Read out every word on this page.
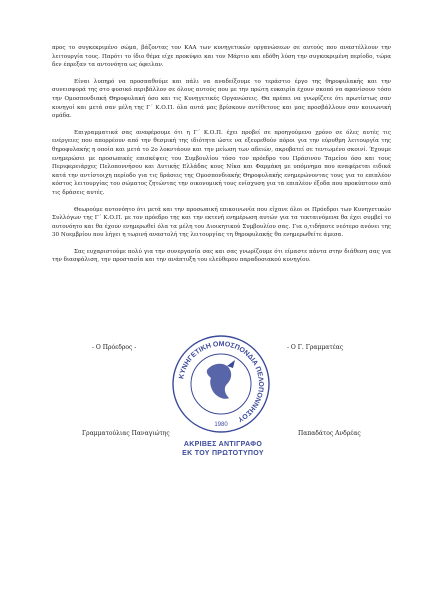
προς το συγκεκριμένο σώμα, βάζοντας τον ΚΑΑ των κυνηγετικών οργανώσεων σε αυτούς που αναστέλλουν την λειτουργία τους. Παρότι το ίδιο θέμα είχε προκύψει και τον Μάρτιο και εδόθη λύση την συγκεκριμένη περίοδο, τώρα δεν έπρεξαν τα αντονόητα ως όφειλαν.

Είναι λυπηρό να προσπαθούμε και πάλι να αναδείξουμε το τεράστιο έργο της θηροφυλακής και την συνεισφορά της στο φυσικό περιβάλλον σε όλους αυτούς που με την πρώτη ευκαιρία έχουν σκοπό να αφανίσουν τόσο την Ομοσπονδιακή Θηροφυλακή όσο και τις Κυνηγετικές Οργανώσεις. Θα πρέπει να γνωρίζετε ότι πρωτίστως σαν κυνηγοί και μετά σαν μέλη της Γ΄ Κ.Ο.Π. όλα αυτά μας βρίσκουν αντίθετους και μας προσβάλλουν σαν κοινωνική ομάδα.

Επιγραμματικά σας αναφέρουμε ότι η Γ΄ Κ.Ο.Π. έχει προβεί σε προηγούμενο χρόνο σε όλες αυτές τις ενέργειες που απορρέουν από την θεσμική της ιδιότητα ώστε να εξευρεθούν πόροι για την εύρυθμη λειτουργία της θηροφυλακής η οποία και μετά το 2ο λοκντάουν και την μείωση των αδειών, ακροβατεί σε τεντωμένο σκοινί. Έχουμε ενημερώσει με προσωπικές επισκέψεις του Συμβουλίου τόσο τον πρόεδρο του Πράσινου Ταμείου όσο και τους Περιφερειάρχες Πελοποννήσου και Δυτικής Ελλάδας κους Νίκα και Φαρμάκη με υπόμνημα που αναφέρεται ειδικά κατά την αντίστοιχη περίοδο για τις δράσεις της Ομοσπονδιακής Θηροφυλακής ενημερώνοντας τους για το επιπλέον κόστος λειτουργίας του σώματος ζητώντας την οικονομική τους ενίσχυση για τα επιπλέον έξοδα που προκύπτουν από τις δράσεις αυτές.

Θεωρούμε αυτονόητο ότι μετά και την προσωπική επικοινωνία που είχανε όλοι οι Πρόεδροι των Κυνηγετικών Συλλόγων της Γ΄ Κ.Ο.Π. με τον πρόεδρο της και την εκτενή ενημέρωση αυτών για τα τεκταινόμενα θα έχει συμβεί το αυτονόητο και θα έχουν ενημερωθεί όλα τα μέλη του Διοικητικού Συμβουλίου σας. Για ο,τιδήποτε νεότερο ανόνει της 30 Νοεμβρίου που λήγει η τωρινή αναστολή της λειτουργίας τη θηροφυλακής θα ενημερωθείτε άμεσα.

Σας ευχαριστούμε πολύ για την συνεργασία σας και σας γνωρίζουμε ότι είμαστε πάντα στην διάθεση σας για την διασφάλιση, την προστασία και την ανάπτυξη του ελεύθερου παραδοσιακού κυνηγίου.

- Ο Πρόεδρος -	- Ο Γ. Γραμματέας
ΚΥΝΗΓΕΤΙΚΗ ΟΜΟΣΠΟΝΔΙΑ ΠΕΛΟΠΟΝΝΗΣΟΥ
1980
ΑΚΡΙΒΕΣ ΑΝΤΙΓΡΑΦΟ
ΕΚ ΤΟΥ ΠΡΩΤΟΤΥΠΟΥ
Γραμματούλιας Παναγιώτης	Παπαδάτος Ανδρέας
